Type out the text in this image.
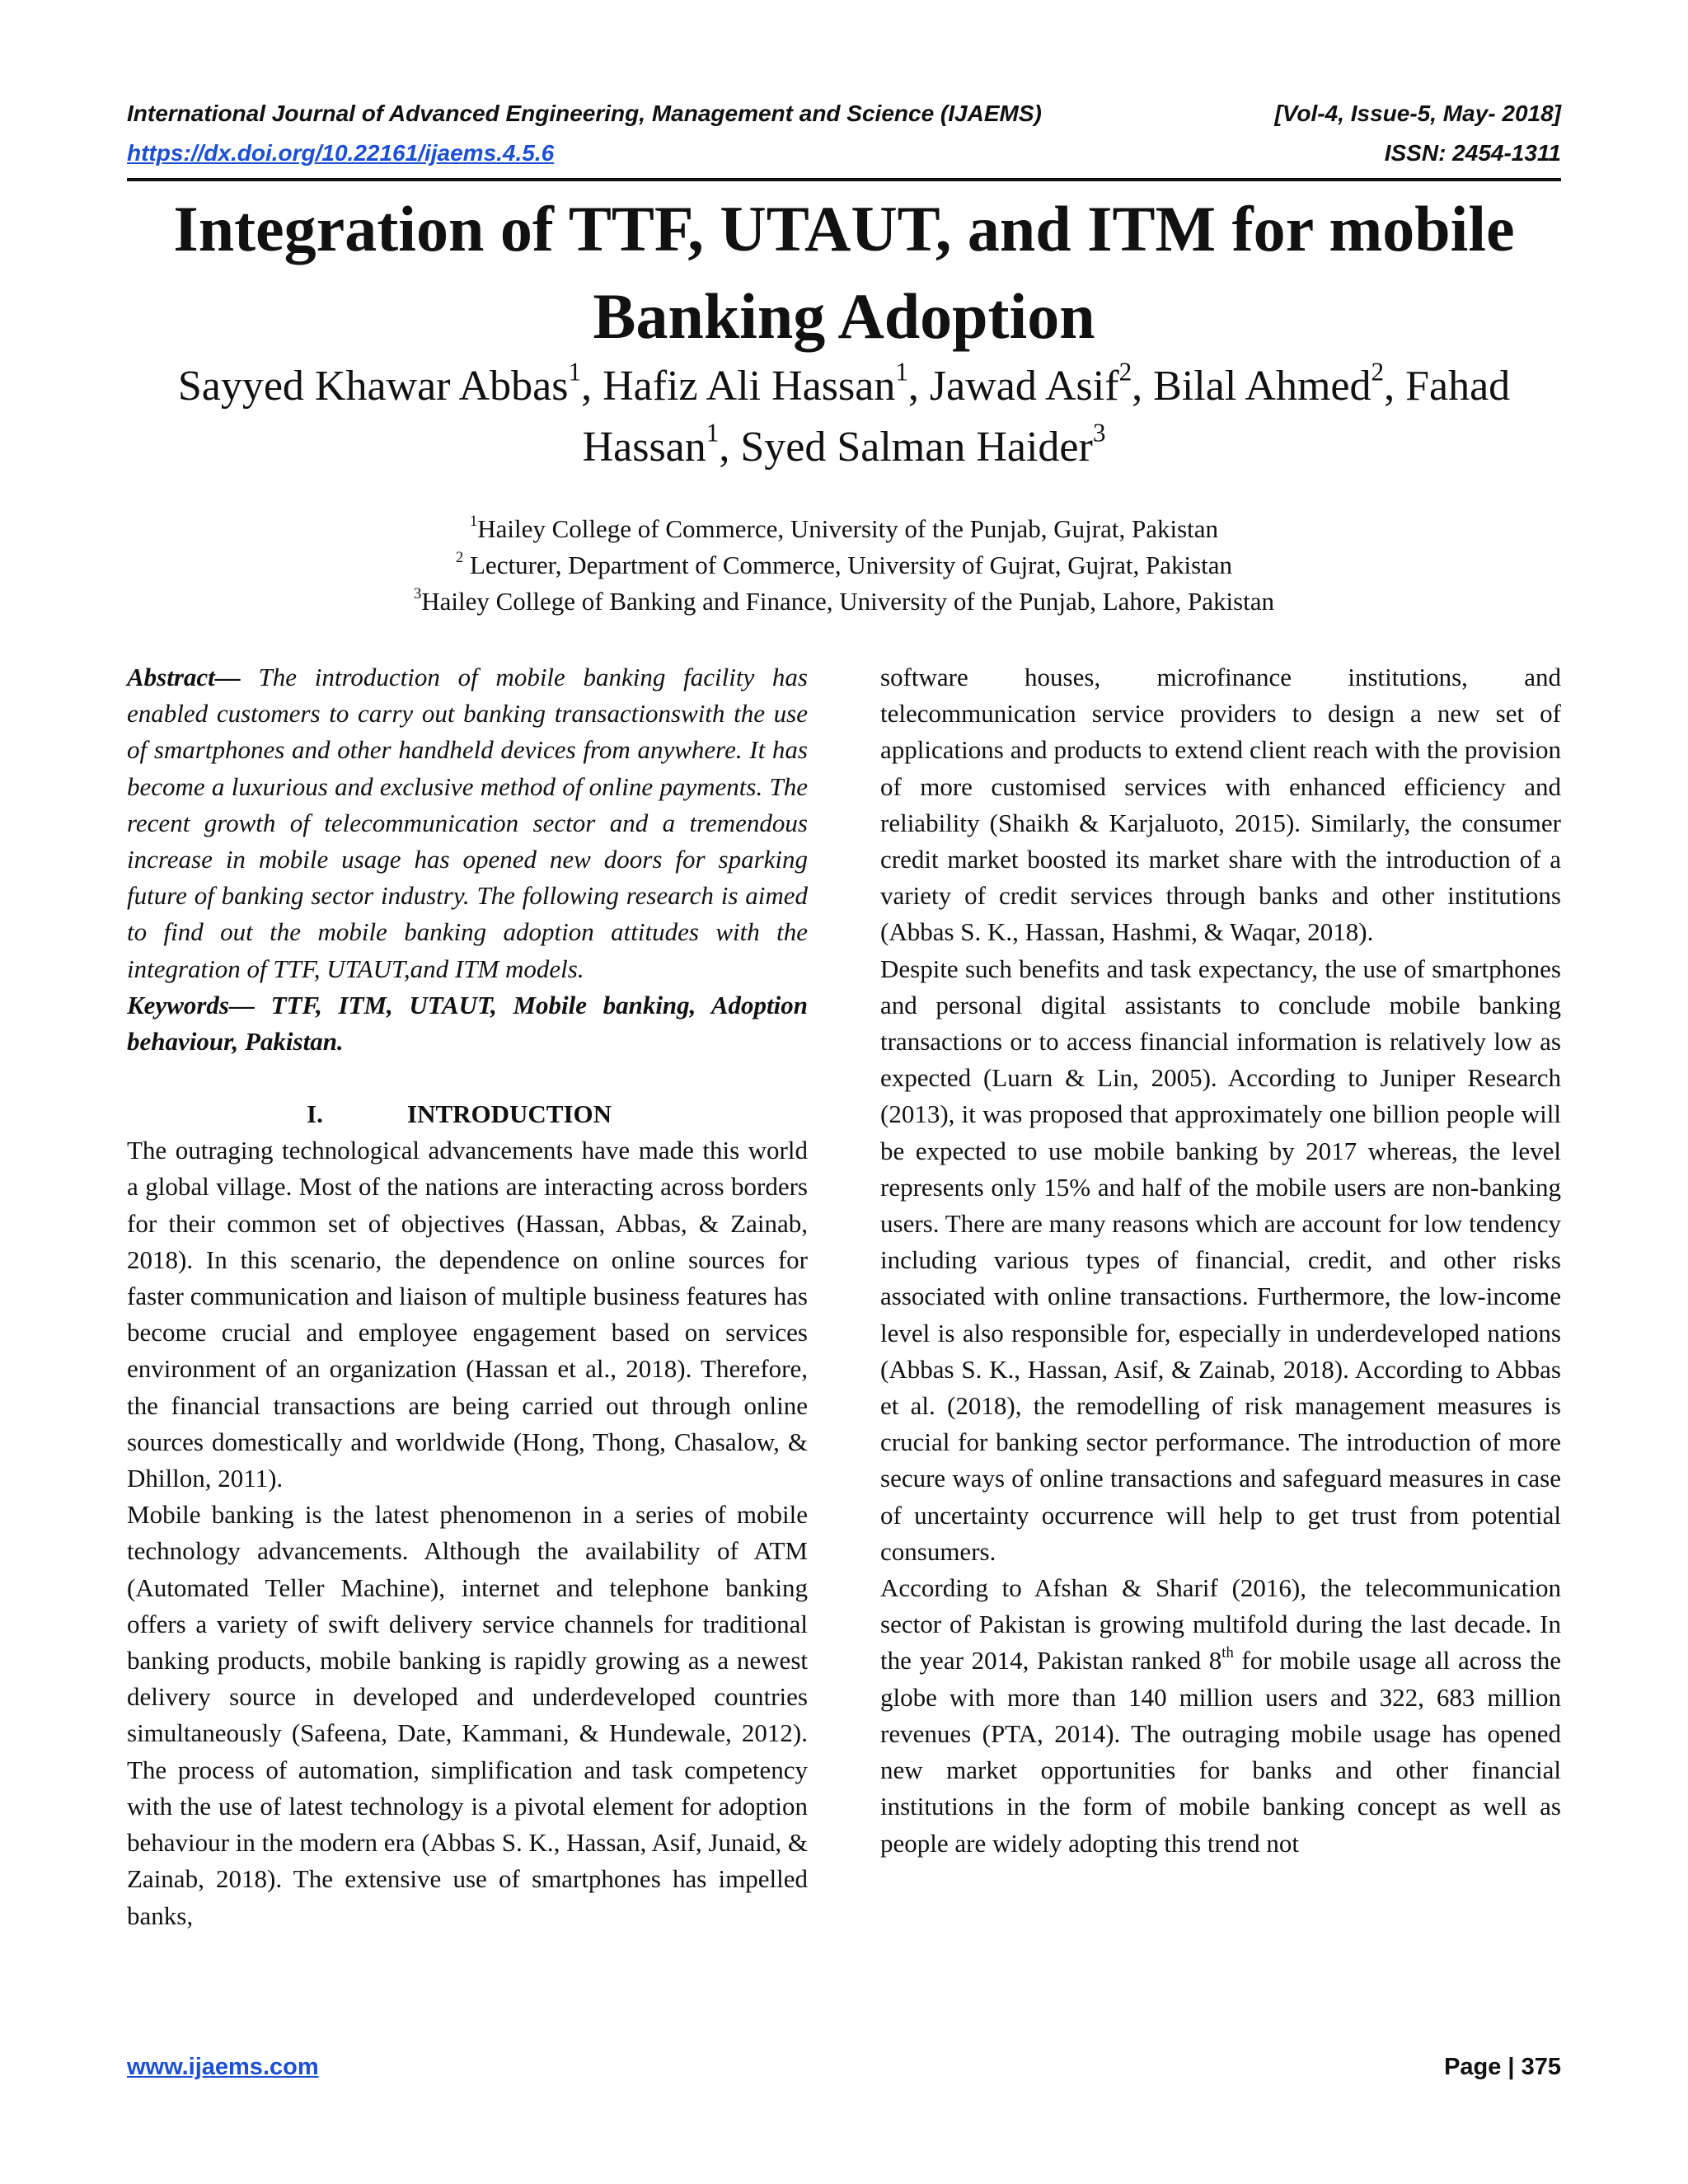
International Journal of Advanced Engineering, Management and Science (IJAEMS)	[Vol-4, Issue-5, May- 2018]
https://dx.doi.org/10.22161/ijaems.4.5.6	ISSN: 2454-1311
Integration of TTF, UTAUT, and ITM for mobile
Banking Adoption
Sayyed Khawar Abbas$^1$, Hafiz Ali Hassan$^1$, Jawad Asif$^2$, Bilal Ahmed$^2$, Fahad Hassan$^1$, Syed Salman Haider$^3$
$^1$Hailey College of Commerce, University of the Punjab, Gujrat, Pakistan
$^2$ Lecturer, Department of Commerce, University of Gujrat, Gujrat, Pakistan
$^3$Hailey College of Banking and Finance, University of the Punjab, Lahore, Pakistan

Abstract— The introduction of mobile banking facility has enabled customers to carry out banking transactionswith the use of smartphones and other handheld devices from anywhere. It has become a luxurious and exclusive method of online payments. The recent growth of telecommunication sector and a tremendous increase in mobile usage has opened new doors for sparking future of banking sector industry. The following research is aimed to find out the mobile banking adoption attitudes with the integration of TTF, UTAUT,and ITM models.

Keywords— TTF, ITM, UTAUT, Mobile banking, Adoption behaviour, Pakistan.

I.	INTRODUCTION

The outraging technological advancements have made this world a global village. Most of the nations are interacting across borders for their common set of objectives (Hassan, Abbas, & Zainab, 2018). In this scenario, the dependence on online sources for faster communication and liaison of multiple business features has become crucial and employee engagement based on services environment of an organization (Hassan et al., 2018). Therefore, the financial transactions are being carried out through online sources domestically and worldwide (Hong, Thong, Chasalow, & Dhillon, 2011).

Mobile banking is the latest phenomenon in a series of mobile technology advancements. Although the availability of ATM (Automated Teller Machine), internet and telephone banking offers a variety of swift delivery service channels for traditional banking products, mobile banking is rapidly growing as a newest delivery source in developed and underdeveloped countries simultaneously (Safeena, Date, Kammani, & Hundewale, 2012). The process of automation, simplification and task competency with the use of latest technology is a pivotal element for adoption behaviour in the modern era (Abbas S. K., Hassan, Asif, Junaid, & Zainab, 2018). The extensive use of smartphones has impelled banks,

software houses, microfinance institutions, and telecommunication service providers to design a new set of applications and products to extend client reach with the provision of more customised services with enhanced efficiency and reliability (Shaikh & Karjaluoto, 2015). Similarly, the consumer credit market boosted its market share with the introduction of a variety of credit services through banks and other institutions (Abbas S. K., Hassan, Hashmi, & Waqar, 2018).

Despite such benefits and task expectancy, the use of smartphones and personal digital assistants to conclude mobile banking transactions or to access financial information is relatively low as expected (Luarn & Lin, 2005). According to Juniper Research (2013), it was proposed that approximately one billion people will be expected to use mobile banking by 2017 whereas, the level represents only 15% and half of the mobile users are non-banking users. There are many reasons which are account for low tendency including various types of financial, credit, and other risks associated with online transactions. Furthermore, the low-income level is also responsible for, especially in underdeveloped nations (Abbas S. K., Hassan, Asif, & Zainab, 2018). According to Abbas et al. (2018), the remodelling of risk management measures is crucial for banking sector performance. The introduction of more secure ways of online transactions and safeguard measures in case of uncertainty occurrence will help to get trust from potential consumers.

According to Afshan & Sharif (2016), the telecommunication sector of Pakistan is growing multifold during the last decade. In the year 2014, Pakistan ranked 8th for mobile usage all across the globe with more than 140 million users and 322, 683 million revenues (PTA, 2014). The outraging mobile usage has opened new market opportunities for banks and other financial institutions in the form of mobile banking concept as well as people are widely adopting this trend not

www.ijaems.com	Page | 375
